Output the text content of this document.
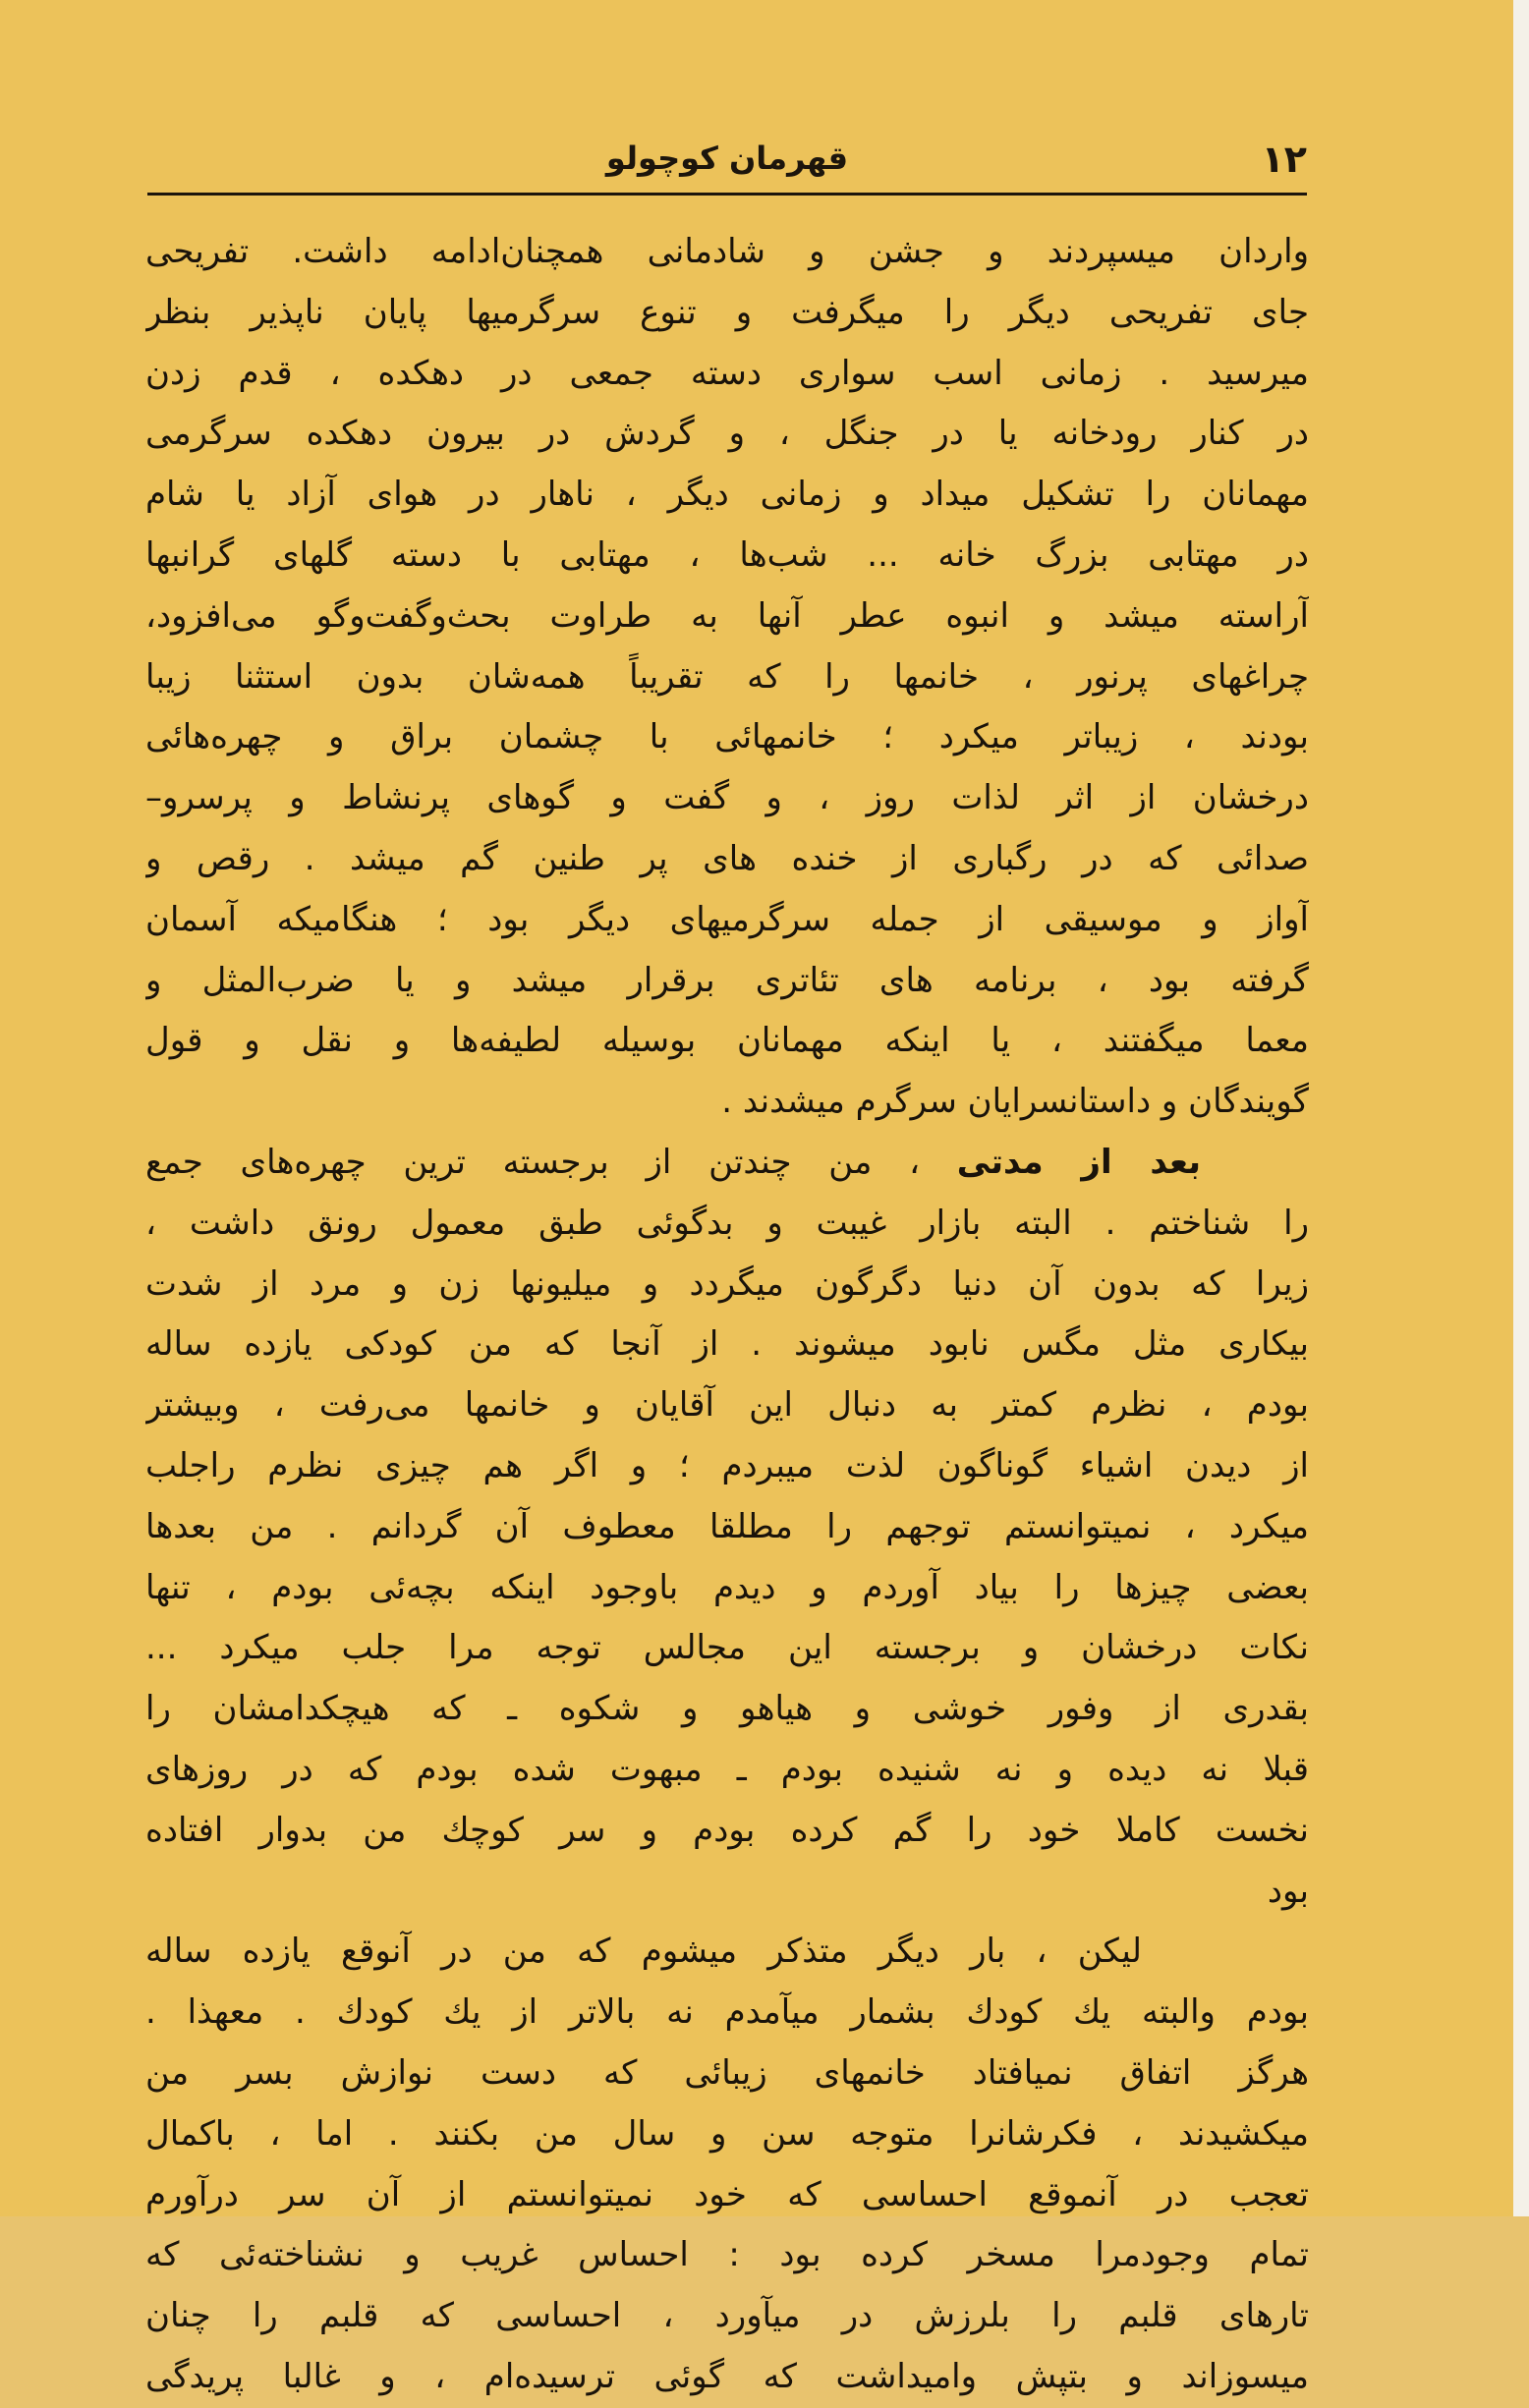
۱۲
قهرمان کوچولو
واردان میسپردند و جشن و شادمانی همچنان‌ادامه داشت. تفریحی
جای تفریحی دیگر را میگرفت و تنوع سرگرمیها پایان ناپذیر بنظر
میرسید . زمانی اسب سواری دسته جمعی در دهکده ، قدم زدن
در کنار رودخانه یا در جنگل ، و گردش در بیرون دهکده سرگرمی
مهمانان را تشکیل میداد و زمانی دیگر ، ناهار در هوای آزاد یا شام
در مهتابی بزرگ خانه ... شب‌ها ، مهتابی با دسته گلهای گرانبها
آراسته میشد و انبوه عطر آنها به طراوت بحث‌وگفت‌وگو می‌افزود،
چراغهای پرنور ، خانمها را که تقریباً همه‌شان بدون استثنا زیبا
بودند ، زیباتر میکرد ؛ خانمهائی با چشمان براق و چهره‌هائی
درخشان از اثر لذات روز ، و گفت و گوهای پرنشاط و پرسرو–
صدائی که در رگباری از خنده های پر طنین گم میشد . رقص و
آواز و موسیقی از جمله سرگرمیهای دیگر بود ؛ هنگامیکه آسمان
گرفته بود ، برنامه های تئاتری برقرار میشد و یا ضرب‌المثل و
معما میگفتند ، یا اینکه مهمانان بوسیله لطیفه‌ها و نقل و قول
گویندگان و داستانسرایان سرگرم میشدند .
بعد از مدتی ، من چندتن از برجسته ترین چهره‌های جمع
را شناختم . البته بازار غیبت و بدگوئی طبق معمول رونق داشت ،
زیرا که بدون آن دنیا دگرگون میگردد و میلیونها زن و مرد از شدت
بیکاری مثل مگس نابود میشوند . از آنجا که من کودکی یازده ساله
بودم ، نظرم کمتر به دنبال این آقایان و خانمها می‌رفت ، وبیشتر
از دیدن اشیاء گوناگون لذت میبردم ؛ و اگر هم چیزی نظرم راجلب
میکرد ، نمیتوانستم توجهم را مطلقا معطوف آن گردانم . من بعدها
بعضی چیزها را بیاد آوردم و دیدم باوجود اینکه بچه‌ئی بودم ، تنها
نکات درخشان و برجسته این مجالس توجه مرا جلب میکرد ...
بقدری از وفور خوشی و هیاهو و شکوه ـ که هیچکدامشان را
قبلا نه دیده و نه شنیده بودم ـ مبهوت شده بودم که در روزهای
نخست کاملا خود را گم کرده بودم و سر کوچك من بدوار افتاده
بود
لیکن ، بار دیگر متذکر میشوم که من در آنوقع یازده ساله
بودم والبته یك کودك بشمار میآمدم نه بالاتر از یك کودك . معهذا .
هرگز اتفاق نمیافتاد خانمهای زیبائی که دست نوازش بسر من
میکشیدند ، فکرشانرا متوجه سن و سال من بکنند . اما ، باکمال
تعجب در آنموقع احساسی که خود نمیتوانستم از آن سر درآورم
تمام وجودمرا مسخر کرده بود : احساس غریب و نشناخته‌ئی که
تارهای قلبم را بلرزش در میآورد ، احساسی که قلبم را چنان
میسوزاند و بتپش وامیداشت که گوئی ترسیده‌ام ، و غالبا پریدگی
